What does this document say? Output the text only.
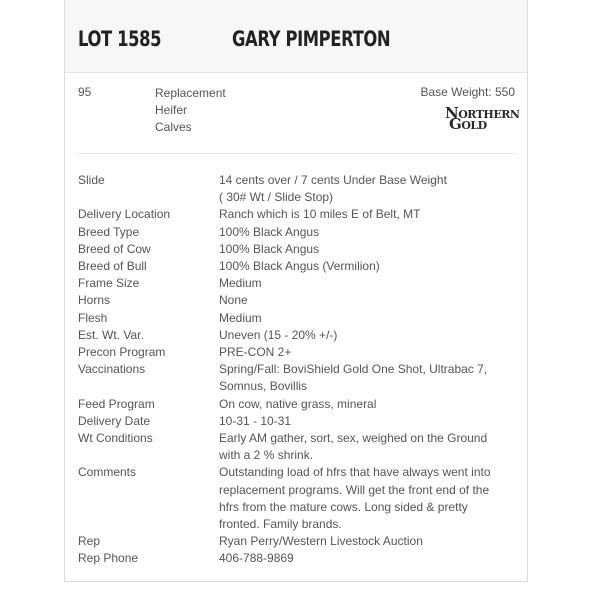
LOT 1585	GARY PIMPERTON
95	Replacement
Heifer
Calves
Base Weight: 550
NORTHERN
GOLD
Slide	14 cents over / 7 cents Under Base Weight
( 30# Wt / Slide Stop)
Delivery Location	Ranch which is 10 miles E of Belt, MT
Breed Type	100% Black Angus
Breed of Cow	100% Black Angus
Breed of Bull	100% Black Angus (Vermilion)
Frame Size	Medium
Horns	None
Flesh	Medium
Est. Wt. Var.	Uneven (15 - 20% +/-)
Precon Program	PRE-CON 2+
Vaccinations	Spring/Fall: BoviShield Gold One Shot, Ultrabac 7,
Somnus, Bovillis
Feed Program	On cow, native grass, mineral
Delivery Date	10-31 - 10-31
Wt Conditions	Early AM gather, sort, sex, weighed on the Ground
with a 2 % shrink.
Comments	Outstanding load of hfrs that have always went into
replacement programs. Will get the front end of the
hfrs from the mature cows. Long sided & pretty
fronted. Family brands.
Rep	Ryan Perry/Western Livestock Auction
Rep Phone	406-788-9869
